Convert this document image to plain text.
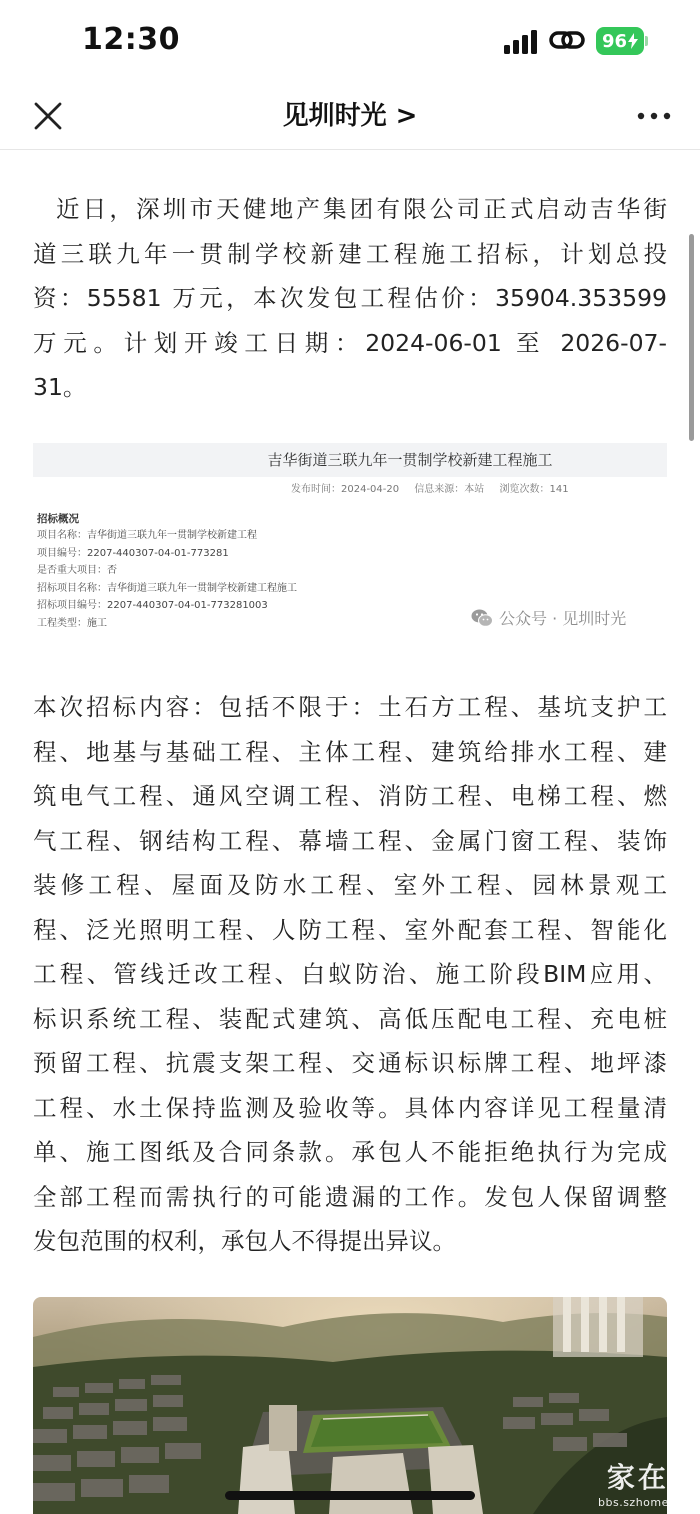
12:30	96
见圳时光 >
近日，深圳市天健地产集团有限公司正式启动吉华街
道三联九年一贯制学校新建工程施工招标，计划总投
资：55581 万元，本次发包工程估价：35904.353599
万元。计划开竣工日期：2024-06-01 至 2026-07-
31。
吉华街道三联九年一贯制学校新建工程施工
发布时间：2024-04-20 信息来源：本站 浏览次数：141
招标概况
项目名称：吉华街道三联九年一贯制学校新建工程
项目编号：2207-440307-04-01-773281
是否重大项目：否
招标项目名称：吉华街道三联九年一贯制学校新建工程施工
招标项目编号：2207-440307-04-01-773281003
工程类型：施工	公众号 · 见圳时光
本次招标内容：包括不限于：土石方工程、基坑支护工
程、地基与基础工程、主体工程、建筑给排水工程、建
筑电气工程、通风空调工程、消防工程、电梯工程、燃
气工程、钢结构工程、幕墙工程、金属门窗工程、装饰
装修工程、屋面及防水工程、室外工程、园林景观工
程、泛光照明工程、人防工程、室外配套工程、智能化
工程、管线迁改工程、白蚁防治、施工阶段BIM应用、
标识系统工程、装配式建筑、高低压配电工程、充电桩
预留工程、抗震支架工程、交通标识标牌工程、地坪漆
工程、水土保持监测及验收等。具体内容详见工程量清
单、施工图纸及合同条款。承包人不能拒绝执行为完成
全部工程而需执行的可能遗漏的工作。发包人保留调整
发包范围的权利，承包人不得提出异议。
家在
bbs.szhome
